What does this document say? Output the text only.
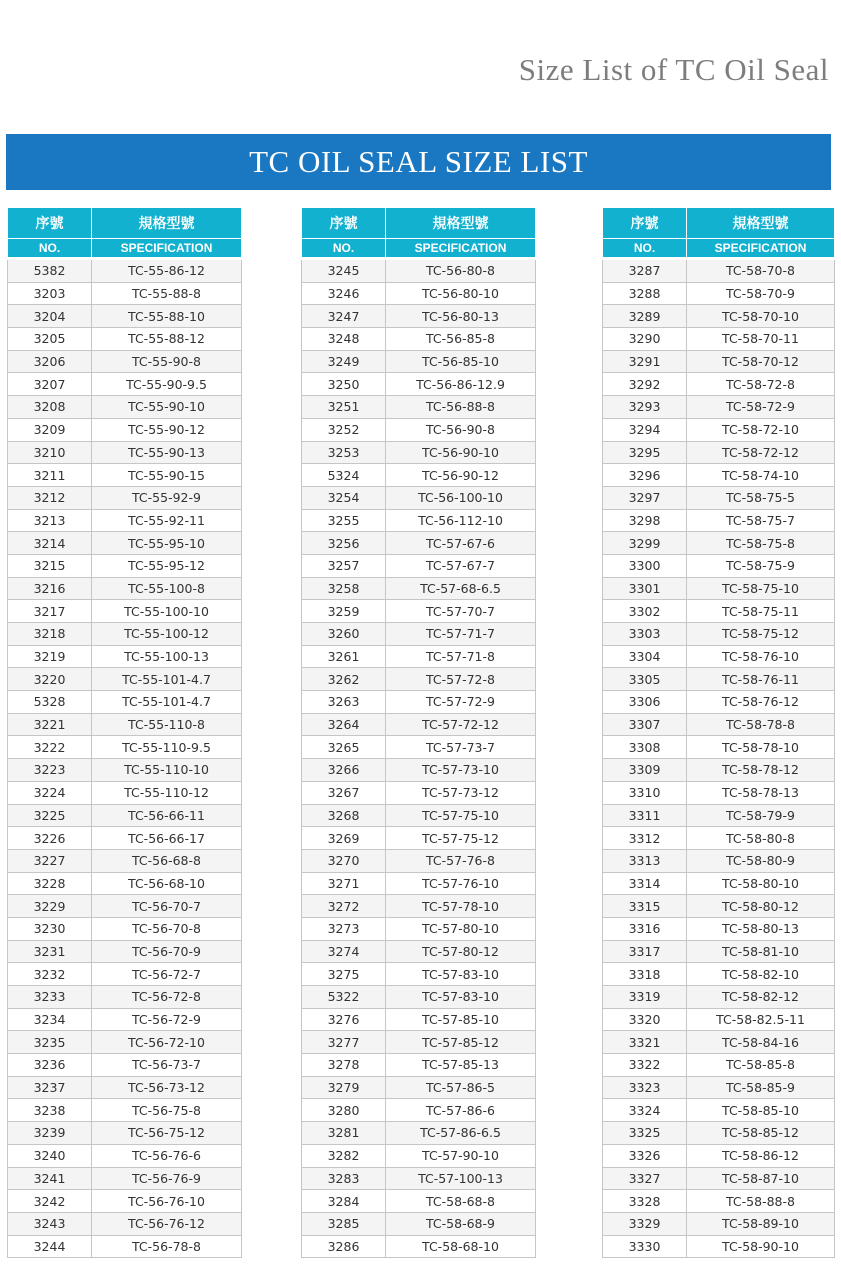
Size List of TC Oil Seal
TC OIL SEAL SIZE LIST
序號	規格型號
NO.	SPECIFICATION

5382	TC-55-86-12
3203	TC-55-88-8
3204	TC-55-88-10
3205	TC-55-88-12
3206	TC-55-90-8
3207	TC-55-90-9.5
3208	TC-55-90-10
3209	TC-55-90-12
3210	TC-55-90-13
3211	TC-55-90-15
3212	TC-55-92-9
3213	TC-55-92-11
3214	TC-55-95-10
3215	TC-55-95-12
3216	TC-55-100-8
3217	TC-55-100-10
3218	TC-55-100-12
3219	TC-55-100-13
3220	TC-55-101-4.7
5328	TC-55-101-4.7
3221	TC-55-110-8
3222	TC-55-110-9.5
3223	TC-55-110-10
3224	TC-55-110-12
3225	TC-56-66-11
3226	TC-56-66-17
3227	TC-56-68-8
3228	TC-56-68-10
3229	TC-56-70-7
3230	TC-56-70-8
3231	TC-56-70-9
3232	TC-56-72-7
3233	TC-56-72-8
3234	TC-56-72-9
3235	TC-56-72-10
3236	TC-56-73-7
3237	TC-56-73-12
3238	TC-56-75-8
3239	TC-56-75-12
3240	TC-56-76-6
3241	TC-56-76-9
3242	TC-56-76-10
3243	TC-56-76-12
3244	TC-56-78-8
序號	規格型號
NO.	SPECIFICATION

3245	TC-56-80-8
3246	TC-56-80-10
3247	TC-56-80-13
3248	TC-56-85-8
3249	TC-56-85-10
3250	TC-56-86-12.9
3251	TC-56-88-8
3252	TC-56-90-8
3253	TC-56-90-10
5324	TC-56-90-12
3254	TC-56-100-10
3255	TC-56-112-10
3256	TC-57-67-6
3257	TC-57-67-7
3258	TC-57-68-6.5
3259	TC-57-70-7
3260	TC-57-71-7
3261	TC-57-71-8
3262	TC-57-72-8
3263	TC-57-72-9
3264	TC-57-72-12
3265	TC-57-73-7
3266	TC-57-73-10
3267	TC-57-73-12
3268	TC-57-75-10
3269	TC-57-75-12
3270	TC-57-76-8
3271	TC-57-76-10
3272	TC-57-78-10
3273	TC-57-80-10
3274	TC-57-80-12
3275	TC-57-83-10
5322	TC-57-83-10
3276	TC-57-85-10
3277	TC-57-85-12
3278	TC-57-85-13
3279	TC-57-86-5
3280	TC-57-86-6
3281	TC-57-86-6.5
3282	TC-57-90-10
3283	TC-57-100-13
3284	TC-58-68-8
3285	TC-58-68-9
3286	TC-58-68-10
序號	規格型號
NO.	SPECIFICATION

3287	TC-58-70-8
3288	TC-58-70-9
3289	TC-58-70-10
3290	TC-58-70-11
3291	TC-58-70-12
3292	TC-58-72-8
3293	TC-58-72-9
3294	TC-58-72-10
3295	TC-58-72-12
3296	TC-58-74-10
3297	TC-58-75-5
3298	TC-58-75-7
3299	TC-58-75-8
3300	TC-58-75-9
3301	TC-58-75-10
3302	TC-58-75-11
3303	TC-58-75-12
3304	TC-58-76-10
3305	TC-58-76-11
3306	TC-58-76-12
3307	TC-58-78-8
3308	TC-58-78-10
3309	TC-58-78-12
3310	TC-58-78-13
3311	TC-58-79-9
3312	TC-58-80-8
3313	TC-58-80-9
3314	TC-58-80-10
3315	TC-58-80-12
3316	TC-58-80-13
3317	TC-58-81-10
3318	TC-58-82-10
3319	TC-58-82-12
3320	TC-58-82.5-11
3321	TC-58-84-16
3322	TC-58-85-8
3323	TC-58-85-9
3324	TC-58-85-10
3325	TC-58-85-12
3326	TC-58-86-12
3327	TC-58-87-10
3328	TC-58-88-8
3329	TC-58-89-10
3330	TC-58-90-10
